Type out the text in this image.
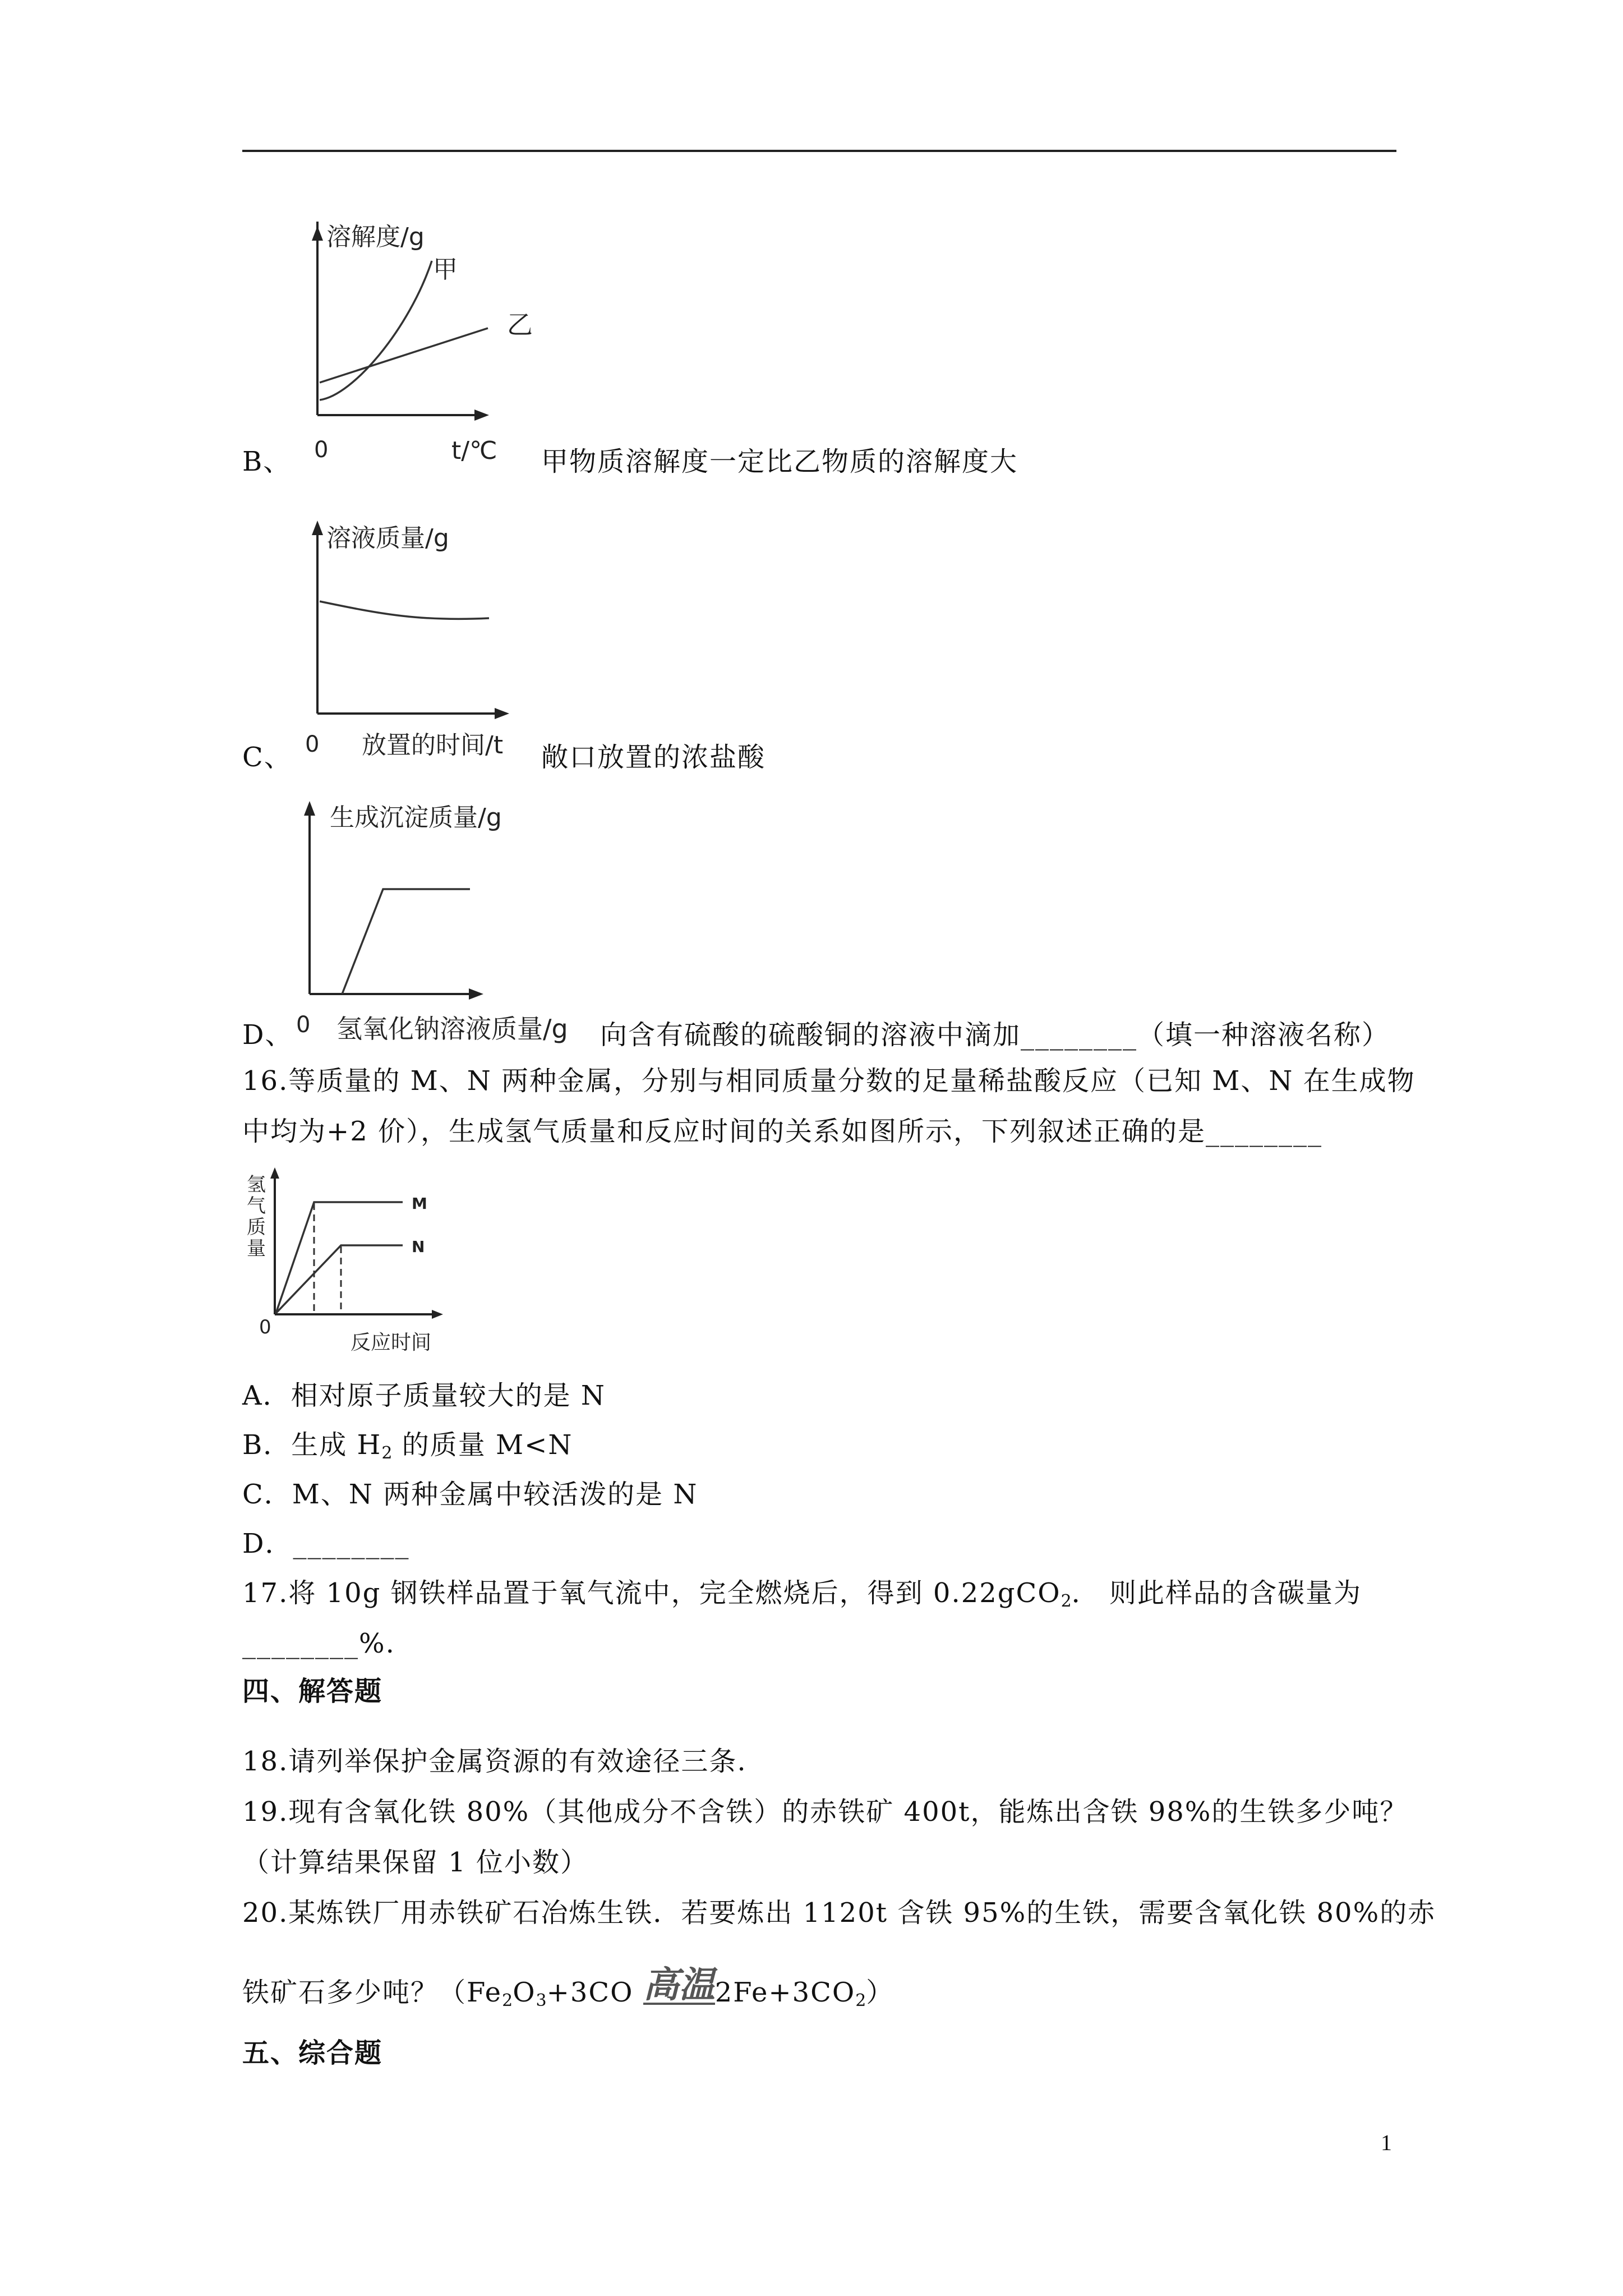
溶解度/g
甲
乙
0	t/℃
B、	甲物质溶解度一定比乙物质的溶解度大
溶液质量/g
0 放置的时间/t
C、	敞口放置的浓盐酸
生成沉淀质量/g
0 氢氧化钠溶液质量/g
D、	向含有硫酸的硫酸铜的溶液中滴加________（填一种溶液名称）
16.等质量的 M、N 两种金属，分别与相同质量分数的足量稀盐酸反应（已知 M、N 在生成物
中均为+2 价），生成氢气质量和反应时间的关系如图所示，下列叙述正确的是________
氢
气
质
量
M
N
0
反应时间
A．相对原子质量较大的是 N
B．生成 $H_2$ 的质量 M<N
C．M、N 两种金属中较活泼的是 N
D．________
17.将 10g 钢铁样品置于氧气流中，完全燃烧后，得到 0.22gCO$_2$． 则此样品的含碳量为
________%.
四、解答题
18.请列举保护金属资源的有效途径三条.
19.现有含氧化铁 80%（其他成分不含铁）的赤铁矿 400t，能炼出含铁 98%的生铁多少吨？
（计算结果保留 1 位小数）
20.某炼铁厂用赤铁矿石冶炼生铁．若要炼出 1120t 含铁 95%的生铁，需要含氧化铁 80%的赤
铁矿石多少吨？（$Fe_2O_3+3CO$ 高温$2Fe+3CO_2$）
五、综合题
1
